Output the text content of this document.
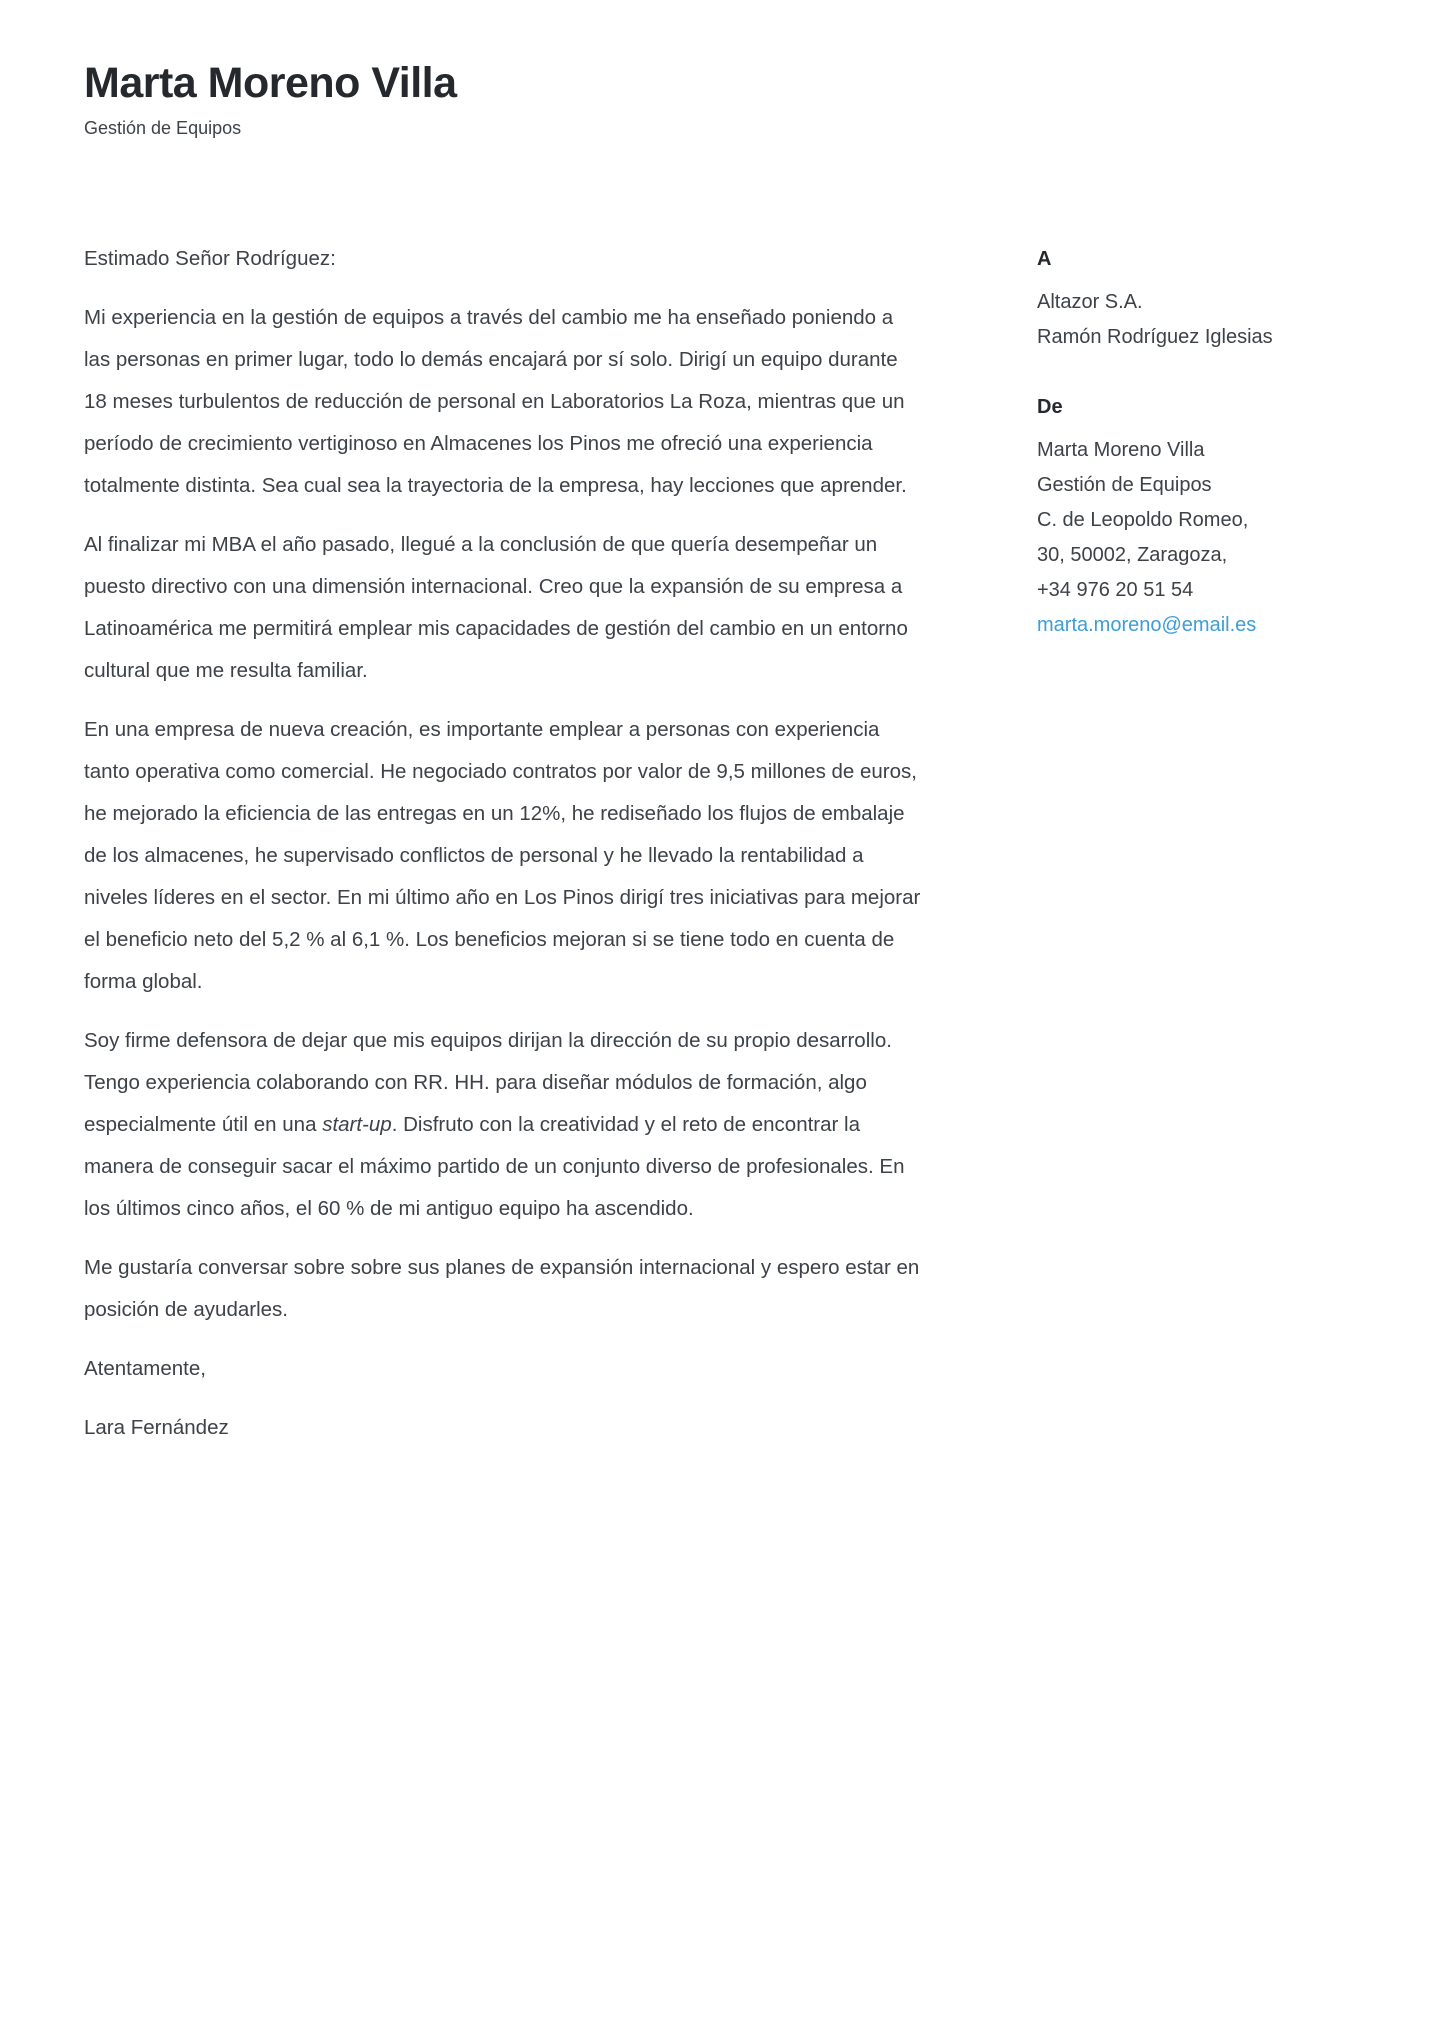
Marta Moreno Villa
Gestión de Equipos

Estimado Señor Rodríguez:

Mi experiencia en la gestión de equipos a través del cambio me ha enseñado poniendo a las personas en primer lugar, todo lo demás encajará por sí solo. Dirigí un equipo durante 18 meses turbulentos de reducción de personal en Laboratorios La Roza, mientras que un período de crecimiento vertiginoso en Almacenes los Pinos me ofreció una experiencia totalmente distinta. Sea cual sea la trayectoria de la empresa, hay lecciones que aprender.

Al finalizar mi MBA el año pasado, llegué a la conclusión de que quería desempeñar un puesto directivo con una dimensión internacional. Creo que la expansión de su empresa a Latinoamérica me permitirá emplear mis capacidades de gestión del cambio en un entorno cultural que me resulta familiar.

En una empresa de nueva creación, es importante emplear a personas con experiencia tanto operativa como comercial. He negociado contratos por valor de 9,5 millones de euros, he mejorado la eficiencia de las entregas en un 12%, he rediseñado los flujos de embalaje de los almacenes, he supervisado conflictos de personal y he llevado la rentabilidad a niveles líderes en el sector. En mi último año en Los Pinos dirigí tres iniciativas para mejorar el beneficio neto del 5,2 % al 6,1 %. Los beneficios mejoran si se tiene todo en cuenta de forma global.

Soy firme defensora de dejar que mis equipos dirijan la dirección de su propio desarrollo. Tengo experiencia colaborando con RR. HH. para diseñar módulos de formación, algo especialmente útil en una start-up. Disfruto con la creatividad y el reto de encontrar la manera de conseguir sacar el máximo partido de un conjunto diverso de profesionales. En los últimos cinco años, el 60 % de mi antiguo equipo ha ascendido.

Me gustaría conversar sobre sobre sus planes de expansión internacional y espero estar en posición de ayudarles.

Atentamente,

Lara Fernández

A
Altazor S.A.
Ramón Rodríguez Iglesias
De
Marta Moreno Villa
Gestión de Equipos
C. de Leopoldo Romeo,
30, 50002, Zaragoza,
+34 976 20 51 54
marta.moreno@email.es
